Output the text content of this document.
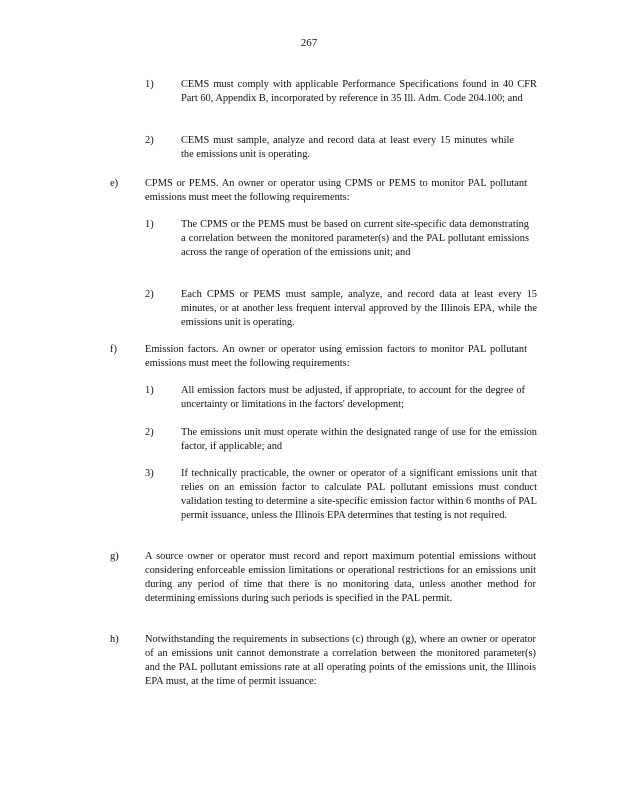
267
1)	CEMS must comply with applicable Performance Specifications found in 40 CFR Part 60, Appendix B, incorporated by reference in 35 Ill. Adm. Code 204.100; and
2)	CEMS must sample, analyze and record data at least every 15 minutes while the emissions unit is operating.
e)	CPMS or PEMS. An owner or operator using CPMS or PEMS to monitor PAL pollutant emissions must meet the following requirements:
1)	The CPMS or the PEMS must be based on current site-specific data demonstrating a correlation between the monitored parameter(s) and the PAL pollutant emissions across the range of operation of the emissions unit; and
2)	Each CPMS or PEMS must sample, analyze, and record data at least every 15 minutes, or at another less frequent interval approved by the Illinois EPA, while the emissions unit is operating.
f)	Emission factors. An owner or operator using emission factors to monitor PAL pollutant emissions must meet the following requirements:
1)	All emission factors must be adjusted, if appropriate, to account for the degree of uncertainty or limitations in the factors' development;
2)	The emissions unit must operate within the designated range of use for the emission factor, if applicable; and
3)	If technically practicable, the owner or operator of a significant emissions unit that relies on an emission factor to calculate PAL pollutant emissions must conduct validation testing to determine a site-specific emission factor within 6 months of PAL permit issuance, unless the Illinois EPA determines that testing is not required.
g)	A source owner or operator must record and report maximum potential emissions without considering enforceable emission limitations or operational restrictions for an emissions unit during any period of time that there is no monitoring data, unless another method for determining emissions during such periods is specified in the PAL permit.
h)	Notwithstanding the requirements in subsections (c) through (g), where an owner or operator of an emissions unit cannot demonstrate a correlation between the monitored parameter(s) and the PAL pollutant emissions rate at all operating points of the emissions unit, the Illinois EPA must, at the time of permit issuance:
